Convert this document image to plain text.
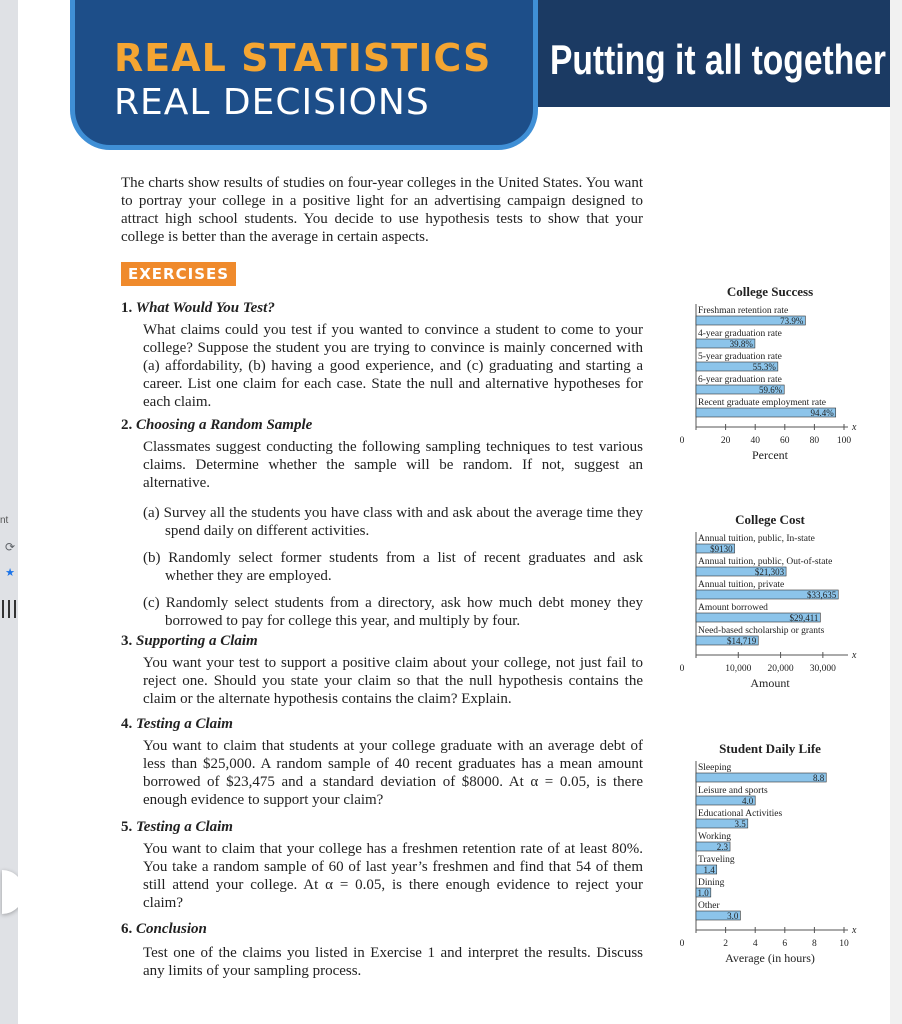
nt
⟳
★
REAL STATISTICS
REAL DECISIONS
Putting it all together
The charts show results of studies on four-year colleges in the United States. You want to portray your college in a positive light for an advertising campaign designed to attract high school students. You decide to use hypothesis tests to show that your college is better than the average in certain aspects.
EXERCISES
1. What Would You Test?
What claims could you test if you wanted to convince a student to come to your college? Suppose the student you are trying to convince is mainly concerned with (a) affordability, (b) having a good experience, and (c) graduating and starting a career. List one claim for each case. State the null and alternative hypotheses for each claim.
2. Choosing a Random Sample
Classmates suggest conducting the following sampling techniques to test various claims. Determine whether the sample will be random. If not, suggest an alternative.
(a) Survey all the students you have class with and ask about the average time they spend daily on different activities.
(b) Randomly select former students from a list of recent graduates and ask whether they are employed.
(c) Randomly select students from a directory, ask how much debt money they borrowed to pay for college this year, and multiply by four.
3. Supporting a Claim
You want your test to support a positive claim about your college, not just fail to reject one. Should you state your claim so that the null hypothesis contains the claim or the alternate hypothesis contains the claim? Explain.
4. Testing a Claim
You want to claim that students at your college graduate with an average debt of less than $25,000. A random sample of 40 recent graduates has a mean amount borrowed of $23,475 and a standard deviation of $8000. At α = 0.05, is there enough evidence to support your claim?
5. Testing a Claim
You want to claim that your college has a freshmen retention rate of at least 80%. You take a random sample of 60 of last year’s freshmen and find that 54 of them still attend your college. At α = 0.05, is there enough evidence to reject your claim?
6. Conclusion
Test one of the claims you listed in Exercise 1 and interpret the results. Discuss any limits of your sampling process.
College Success
Freshman retention rate
73.9%
4-year graduation rate
39.8%
5-year graduation rate
55.3%
6-year graduation rate
59.6%
Recent graduate employment rate
94.4%
x
0	20 40 60 80 100
Percent
College Cost
Annual tuition, public, In-state
$9130
Annual tuition, public, Out-of-state
$21,303
Annual tuition, private
$33,635
Amount borrowed
$29,411
Need-based scholarship or grants
$14,719
x
0	10,000 20,000 30,000
Amount
Student Daily Life
Sleeping
8.8
Leisure and sports
4.0
Educational Activities
3.5
Working
2.3
Traveling
1.4
Dining
1.0
Other
3.0
x
0	2	4	6	8 10
Average (in hours)
